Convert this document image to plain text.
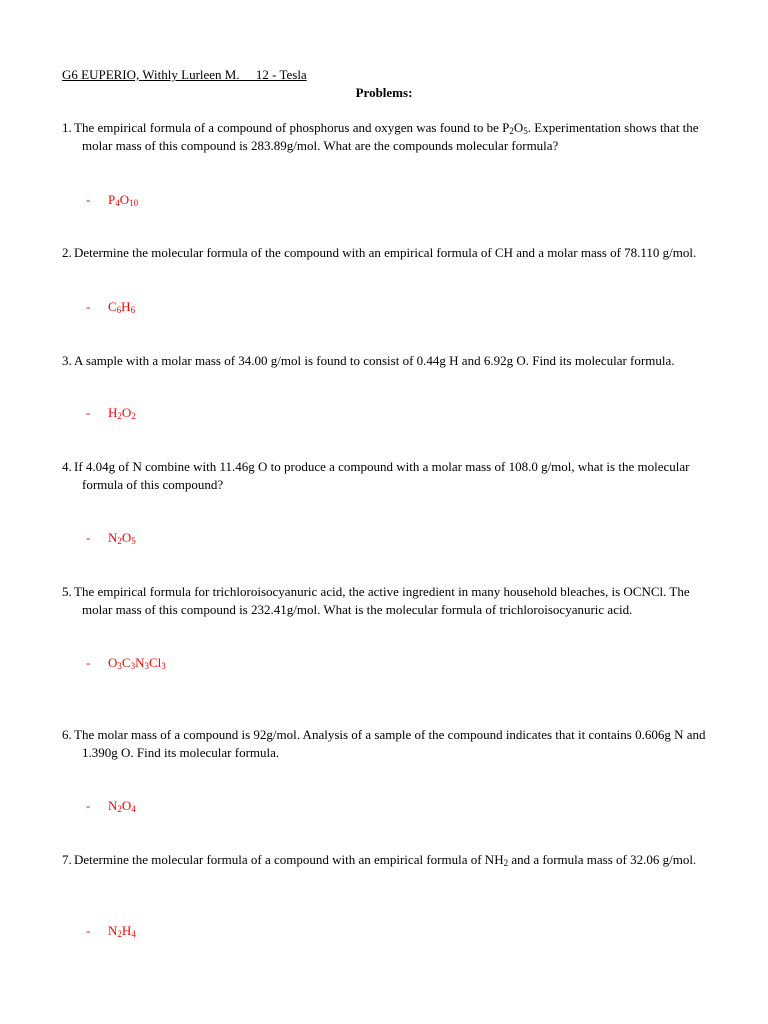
G6 EUPERIO, Withly Lurleen M.     12 - Tesla
Problems:
1. The empirical formula of a compound of phosphorus and oxygen was found to be $P_2O_5$. Experimentation shows that the molar mass of this compound is 283.89g/mol. What are the compounds molecular formula?
- $P_4O_{10}$
2. Determine the molecular formula of the compound with an empirical formula of CH and a molar mass of 78.110 g/mol.
- $C_6H_6$
3. A sample with a molar mass of 34.00 g/mol is found to consist of 0.44g H and 6.92g O. Find its molecular formula.
- $H_2O_2$
4. If 4.04g of N combine with 11.46g O to produce a compound with a molar mass of 108.0 g/mol, what is the molecular formula of this compound?
- $N_2O_5$
5. The empirical formula for trichloroisocyanuric acid, the active ingredient in many household bleaches, is OCNCl. The molar mass of this compound is 232.41g/mol. What is the molecular formula of trichloroisocyanuric acid.
- $O_3C_3N_3Cl_3$
6. The molar mass of a compound is 92g/mol. Analysis of a sample of the compound indicates that it contains 0.606g N and 1.390g O. Find its molecular formula.
- $N_2O_4$
7. Determine the molecular formula of a compound with an empirical formula of $NH_2$ and a formula mass of 32.06 g/mol.
- $N_2H_4$
